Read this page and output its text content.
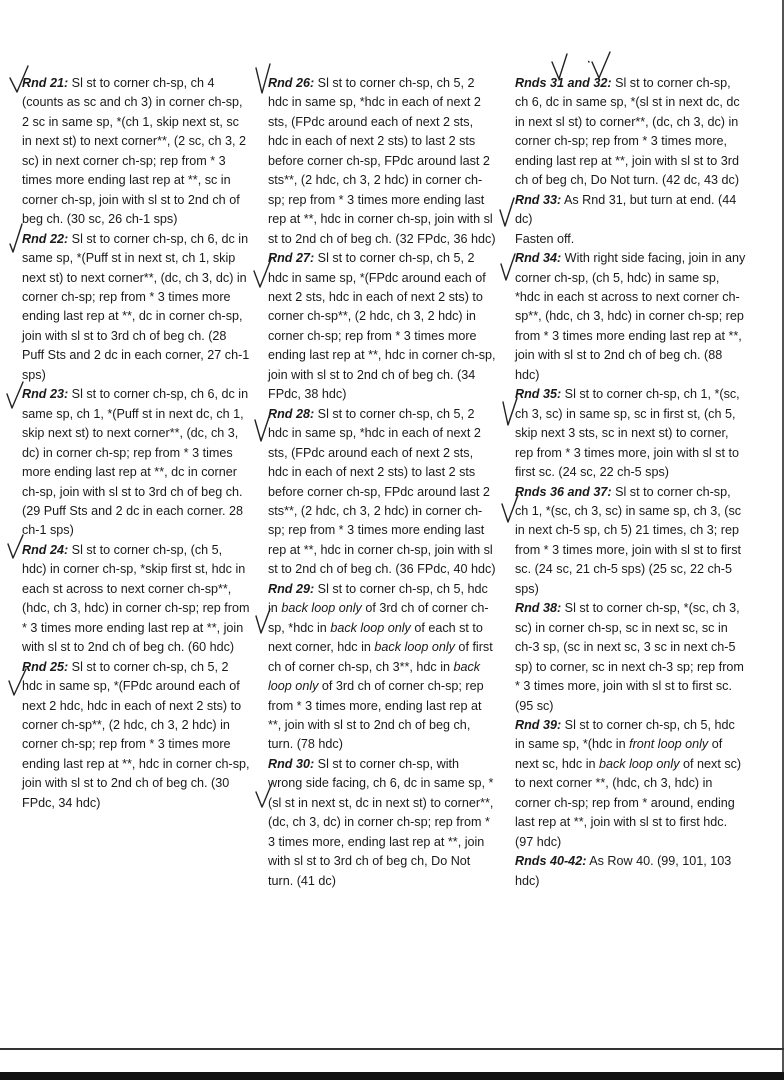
Rnd 21: Sl st to corner ch-sp, ch 4 (counts as sc and ch 3) in corner ch-sp, 2 sc in same sp, *(ch 1, skip next st, sc in next st) to next corner**, (2 sc, ch 3, 2 sc) in next corner ch-sp; rep from * 3 times more ending last rep at **, sc in corner ch-sp, join with sl st to 2nd ch of beg ch. (30 sc, 26 ch-1 sps)

Rnd 22: Sl st to corner ch-sp, ch 6, dc in same sp, *(Puff st in next st, ch 1, skip next st) to next corner**, (dc, ch 3, dc) in corner ch-sp; rep from * 3 times more ending last rep at **, dc in corner ch-sp, join with sl st to 3rd ch of beg ch. (28 Puff Sts and 2 dc in each corner, 27 ch-1 sps)

Rnd 23: Sl st to corner ch-sp, ch 6, dc in same sp, ch 1, *(Puff st in next dc, ch 1, skip next st) to next corner**, (dc, ch 3, dc) in corner ch-sp; rep from * 3 times more ending last rep at **, dc in corner ch-sp, join with sl st to 3rd ch of beg ch. (29 Puff Sts and 2 dc in each corner. 28 ch-1 sps)

Rnd 24: Sl st to corner ch-sp, (ch 5, hdc) in corner ch-sp, *skip first st, hdc in each st across to next corner ch-sp**, (hdc, ch 3, hdc) in corner ch-sp; rep from * 3 times more ending last rep at **, join with sl st to 2nd ch of beg ch. (60 hdc)

Rnd 25: Sl st to corner ch-sp, ch 5, 2 hdc in same sp, *(FPdc around each of next 2 hdc, hdc in each of next 2 sts) to corner ch-sp**, (2 hdc, ch 3, 2 hdc) in corner ch-sp; rep from * 3 times more ending last rep at **, hdc in corner ch-sp, join with sl st to 2nd ch of beg ch. (30 FPdc, 34 hdc)

Rnd 26: Sl st to corner ch-sp, ch 5, 2 hdc in same sp, *hdc in each of next 2 sts, (FPdc around each of next 2 sts, hdc in each of next 2 sts) to last 2 sts before corner ch-sp, FPdc around last 2 sts**, (2 hdc, ch 3, 2 hdc) in corner ch-sp; rep from * 3 times more ending last rep at **, hdc in corner ch-sp, join with sl st to 2nd ch of beg ch. (32 FPdc, 36 hdc)

Rnd 27: Sl st to corner ch-sp, ch 5, 2 hdc in same sp, *(FPdc around each of next 2 sts, hdc in each of next 2 sts) to corner ch-sp**, (2 hdc, ch 3, 2 hdc) in corner ch-sp; rep from * 3 times more ending last rep at **, hdc in corner ch-sp, join with sl st to 2nd ch of beg ch. (34 FPdc, 38 hdc)

Rnd 28: Sl st to corner ch-sp, ch 5, 2 hdc in same sp, *hdc in each of next 2 sts, (FPdc around each of next 2 sts, hdc in each of next 2 sts) to last 2 sts before corner ch-sp, FPdc around last 2 sts**, (2 hdc, ch 3, 2 hdc) in corner ch-sp; rep from * 3 times more ending last rep at **, hdc in corner ch-sp, join with sl st to 2nd ch of beg ch. (36 FPdc, 40 hdc)

Rnd 29: Sl st to corner ch-sp, ch 5, hdc in back loop only of 3rd ch of corner ch-sp, *hdc in back loop only of each st to next corner, hdc in back loop only of first ch of corner ch-sp, ch 3**, hdc in back loop only of 3rd ch of corner ch-sp; rep from * 3 times more, ending last rep at **, join with sl st to 2nd ch of beg ch, turn. (78 hdc)

Rnd 30: Sl st to corner ch-sp, with wrong side facing, ch 6, dc in same sp, *(sl st in next st, dc in next st) to corner**, (dc, ch 3, dc) in corner ch-sp; rep from * 3 times more, ending last rep at **, join with sl st to 3rd ch of beg ch, Do Not turn. (41 dc)

Rnds 31 and 32: Sl st to corner ch-sp, ch 6, dc in same sp, *(sl st in next dc, dc in next sl st) to corner**, (dc, ch 3, dc) in corner ch-sp; rep from * 3 times more, ending last rep at **, join with sl st to 3rd ch of beg ch, Do Not turn. (42 dc, 43 dc)

Rnd 33: As Rnd 31, but turn at end. (44 dc)

Fasten off.

Rnd 34: With right side facing, join in any corner ch-sp, (ch 5, hdc) in same sp, *hdc in each st across to next corner ch-sp**, (hdc, ch 3, hdc) in corner ch-sp; rep from * 3 times more ending last rep at **, join with sl st to 2nd ch of beg ch. (88 hdc)

Rnd 35: Sl st to corner ch-sp, ch 1, *(sc, ch 3, sc) in same sp, sc in first st, (ch 5, skip next 3 sts, sc in next st) to corner, rep from * 3 times more, join with sl st to first sc. (24 sc, 22 ch-5 sps)

Rnds 36 and 37: Sl st to corner ch-sp, ch 1, *(sc, ch 3, sc) in same sp, ch 3, (sc in next ch-5 sp, ch 5) 21 times, ch 3; rep from * 3 times more, join with sl st to first sc. (24 sc, 21 ch-5 sps) (25 sc, 22 ch-5 sps)

Rnd 38: Sl st to corner ch-sp, *(sc, ch 3, sc) in corner ch-sp, sc in next sc, sc in ch-3 sp, (sc in next sc, 3 sc in next ch-5 sp) to corner, sc in next ch-3 sp; rep from * 3 times more, join with sl st to first sc. (95 sc)

Rnd 39: Sl st to corner ch-sp, ch 5, hdc in same sp, *(hdc in front loop only of next sc, hdc in back loop only of next sc) to next corner **, (hdc, ch 3, hdc) in corner ch-sp; rep from * around, ending last rep at **, join with sl st to first hdc. (97 hdc)

Rnds 40-42: As Row 40. (99, 101, 103 hdc)
